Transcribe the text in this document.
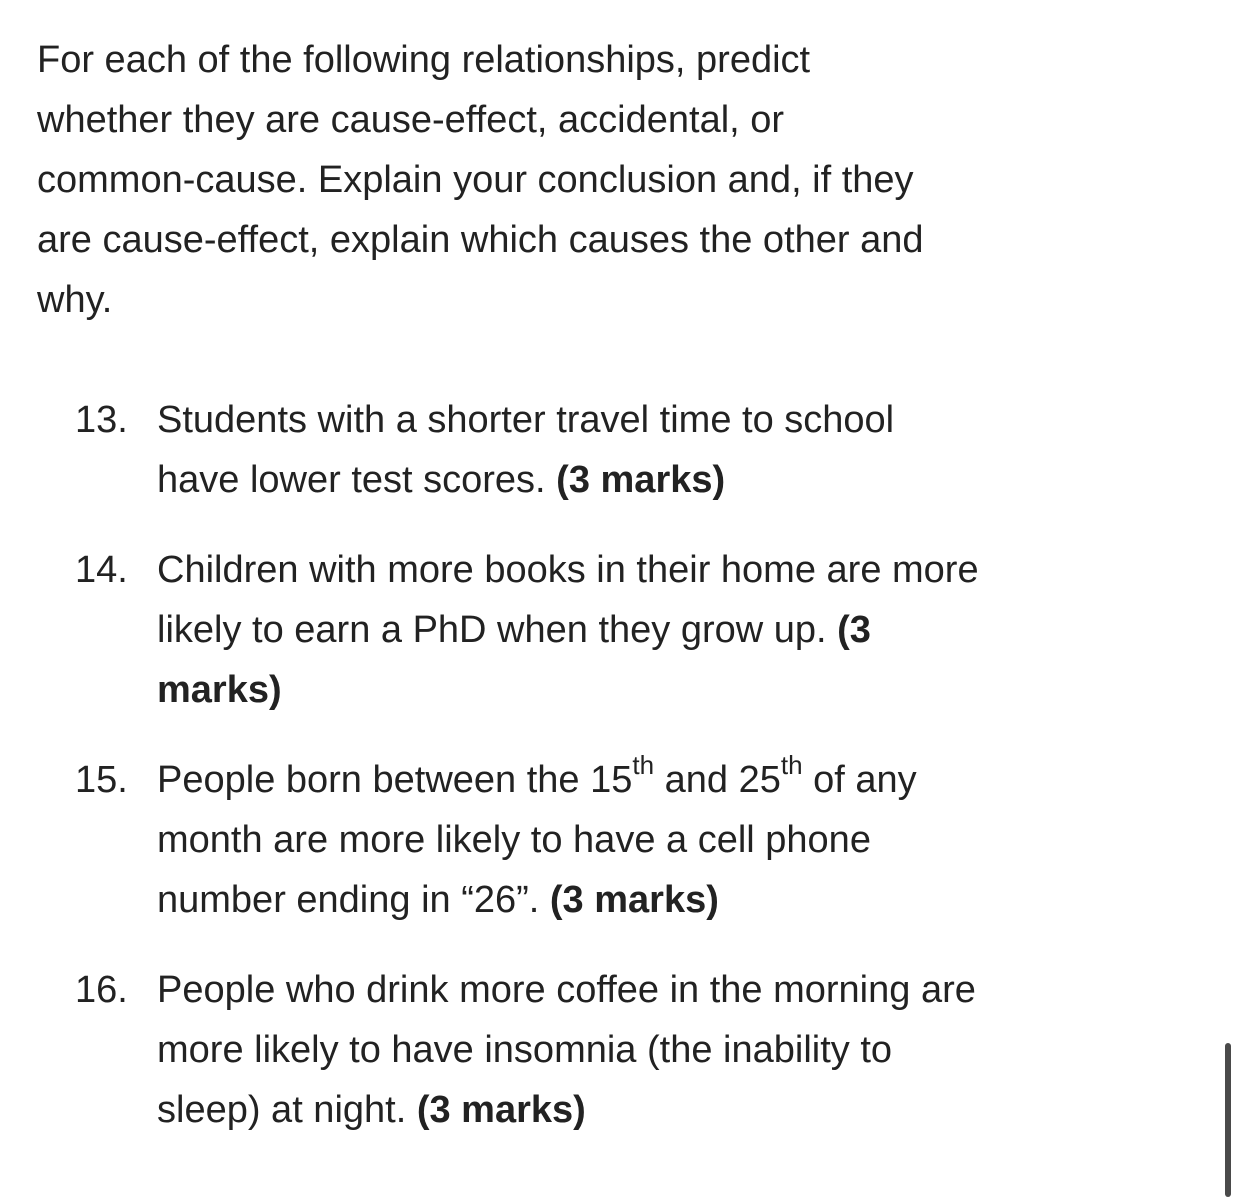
For each of the following relationships, predict whether they are cause-effect, accidental, or common-cause. Explain your conclusion and, if they are cause-effect, explain which causes the other and why.

13. Students with a shorter travel time to school have lower test scores. (3 marks)
14. Children with more books in their home are more likely to earn a PhD when they grow up. (3 marks)
15. People born between the 15th and 25th of any month are more likely to have a cell phone number ending in “26”. (3 marks)
16. People who drink more coffee in the morning are more likely to have insomnia (the inability to sleep) at night. (3 marks)
